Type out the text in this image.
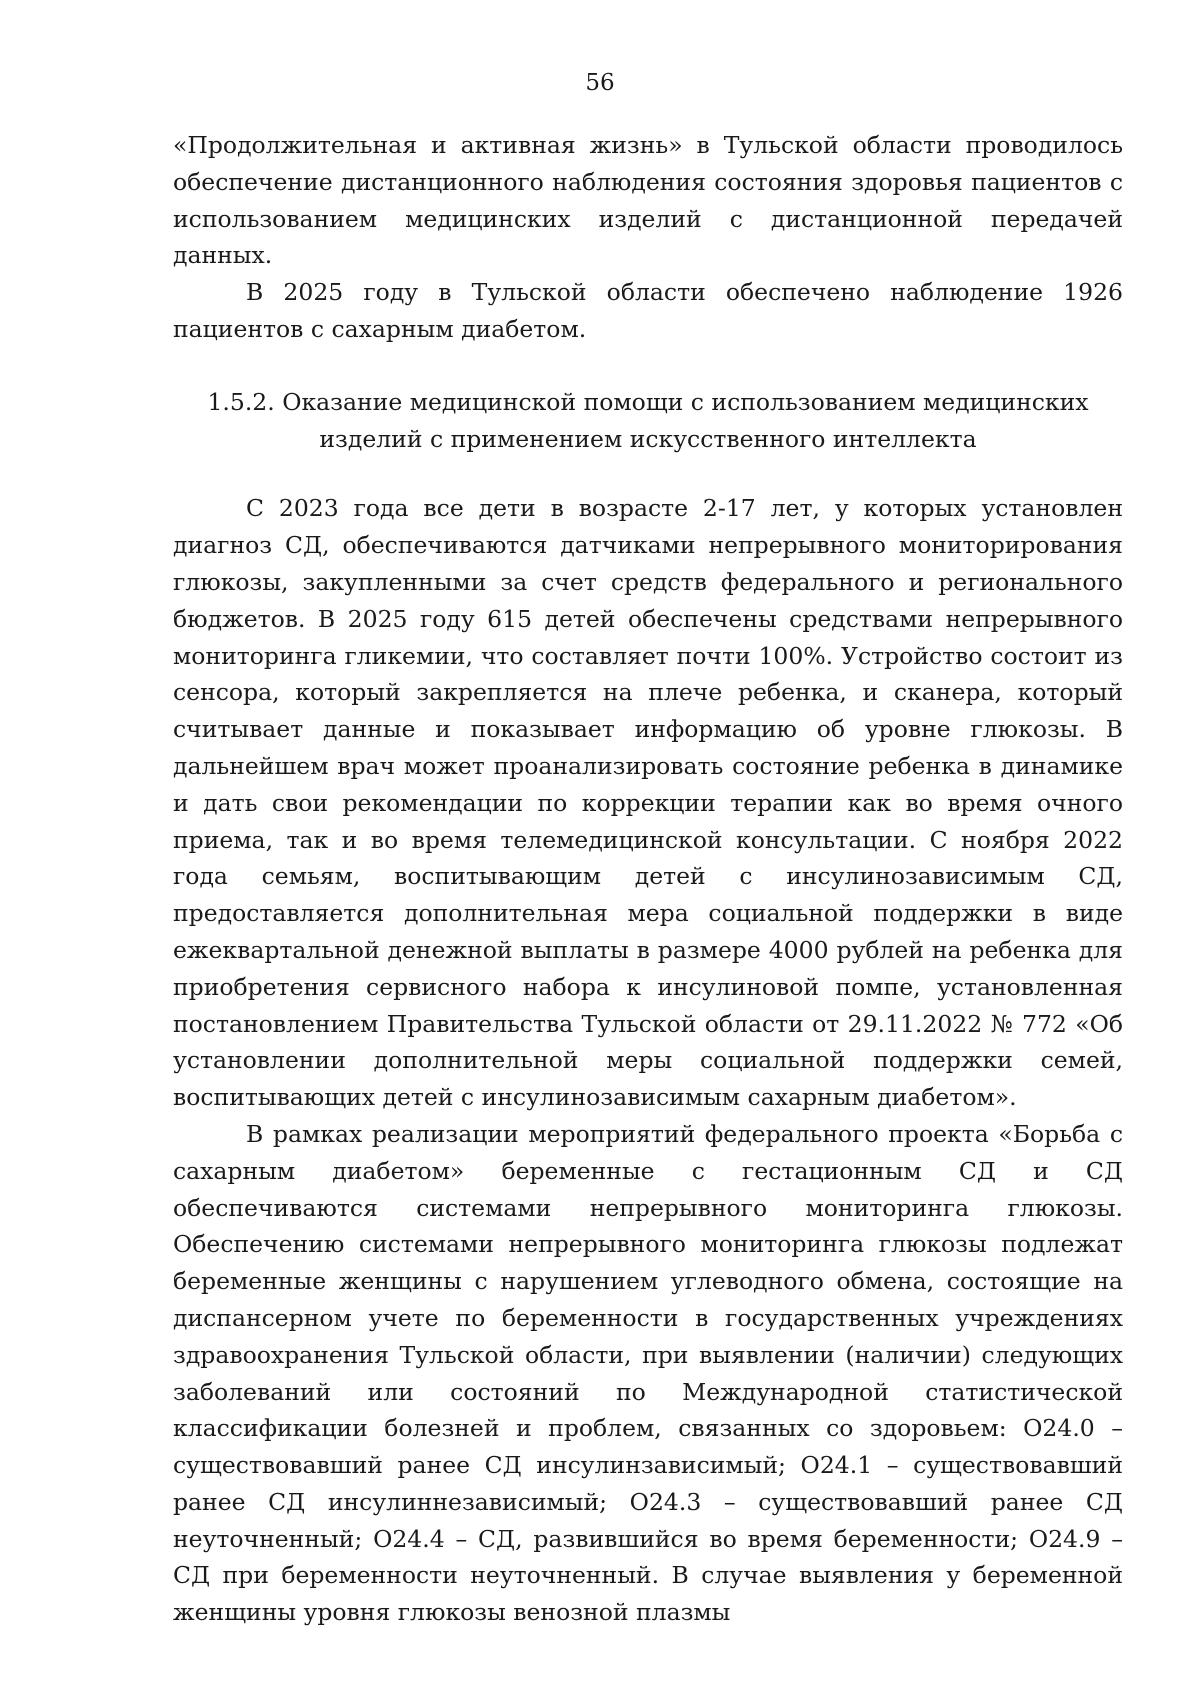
56

«Продолжительная и активная жизнь» в Тульской области проводилось обеспечение дистанционного наблюдения состояния здоровья пациентов с использованием медицинских изделий с дистанционной передачей данных.

В 2025 году в Тульской области обеспечено наблюдение 1926 пациентов с сахарным диабетом.

1.5.2. Оказание медицинской помощи с использованием медицинских
изделий с применением искусственного интеллекта

С 2023 года все дети в возрасте 2-17 лет, у которых установлен диагноз СД, обеспечиваются датчиками непрерывного мониторирования глюкозы, закупленными за счет средств федерального и регионального бюджетов. В 2025 году 615 детей обеспечены средствами непрерывного мониторинга гликемии, что составляет почти 100%. Устройство состоит из сенсора, который закрепляется на плече ребенка, и сканера, который считывает данные и показывает информацию об уровне глюкозы. В дальнейшем врач может проанализировать состояние ребенка в динамике и дать свои рекомендации по коррекции терапии как во время очного приема, так и во время телемедицинской консультации. С ноября 2022 года семьям, воспитывающим детей с инсулинозависимым СД, предоставляется дополнительная мера социальной поддержки в виде ежеквартальной денежной выплаты в размере 4000 рублей на ребенка для приобретения сервисного набора к инсулиновой помпе, установленная постановлением Правительства Тульской области от 29.11.2022 № 772 «Об установлении дополнительной меры социальной поддержки семей, воспитывающих детей с инсулинозависимым сахарным диабетом».

В рамках реализации мероприятий федерального проекта «Борьба с сахарным диабетом» беременные с гестационным СД и СД обеспечиваются системами непрерывного мониторинга глюкозы. Обеспечению системами непрерывного мониторинга глюкозы подлежат беременные женщины с нарушением углеводного обмена, состоящие на диспансерном учете по беременности в государственных учреждениях здравоохранения Тульской области, при выявлении (наличии) следующих заболеваний или состояний по Международной статистической классификации болезней и проблем, связанных со здоровьем: О24.0 – существовавший ранее СД инсулинзависимый; О24.1 – существовавший ранее СД инсулиннезависимый; О24.3 – существовавший ранее СД неуточненный; О24.4 – СД, развившийся во время беременности; О24.9 – СД при беременности неуточненный. В случае выявления у беременной женщины уровня глюкозы венозной плазмы
